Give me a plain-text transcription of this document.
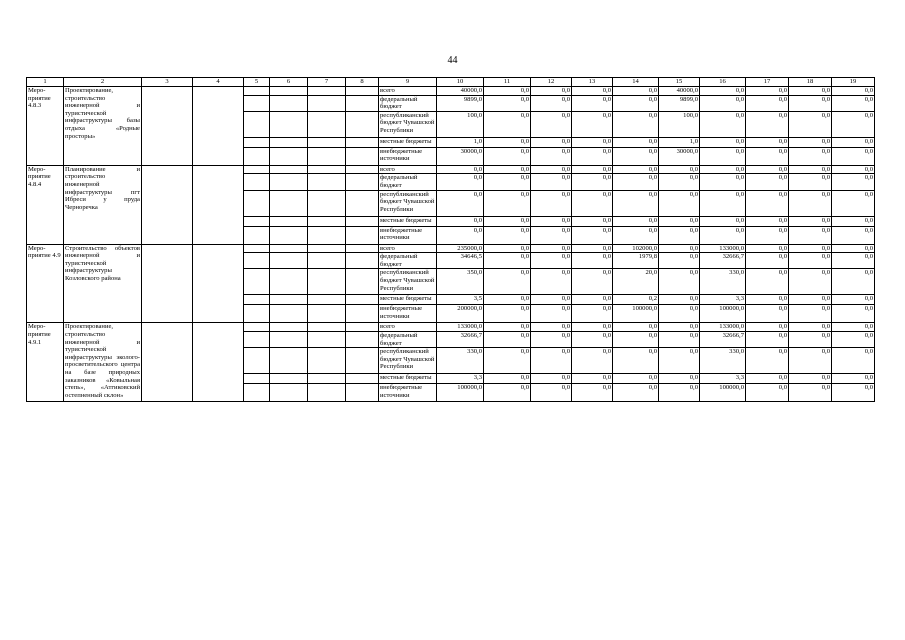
44
1	2	3	4	5	6	7	8	9	10	11	12	13	14	15	16	17	18	19
Меро-приятие 4.8.3	Проектирование, строительство инженерной и туристической инфраструктуры базы отдыха «Родные просторы»							всего	40000,0	0,0	0,0	0,0	0,0	40000,0	0,0	0,0	0,0	0,0
								федеральный бюджет	9899,0	0,0	0,0	0,0	0,0	9899,0	0,0	0,0	0,0	0,0
								республиканский бюджет Чувашской Республики	100,0	0,0	0,0	0,0	0,0	100,0	0,0	0,0	0,0	0,0
								местные бюджеты	1,0	0,0	0,0	0,0	0,0	1,0	0,0	0,0	0,0	0,0
								внебюджетные источники	30000,0	0,0	0,0	0,0	0,0	30000,0	0,0	0,0	0,0	0,0
Меро-приятие 4.8.4	Планирование и строительство инженерной инфраструктуры пгт Ибреси у пруда Черноречка							всего	0,0	0,0	0,0	0,0	0,0	0,0	0,0	0,0	0,0	0,0
								федеральный бюджет	0,0	0,0	0,0	0,0	0,0	0,0	0,0	0,0	0,0	0,0
								республиканский бюджет Чувашской Республики	0,0	0,0	0,0	0,0	0,0	0,0	0,0	0,0	0,0	0,0
								местные бюджеты	0,0	0,0	0,0	0,0	0,0	0,0	0,0	0,0	0,0	0,0
								внебюджетные источники	0,0	0,0	0,0	0,0	0,0	0,0	0,0	0,0	0,0	0,0
Меро-приятие 4.9	Строительство объектов инженерной и туристической инфраструктуры Козловского района							всего	235000,0	0,0	0,0	0,0	102000,0	0,0	133000,0	0,0	0,0	0,0
								федеральный бюджет	34646,5	0,0	0,0	0,0	1979,8	0,0	32666,7	0,0	0,0	0,0
								республиканский бюджет Чувашской Республики	350,0	0,0	0,0	0,0	20,0	0,0	330,0	0,0	0,0	0,0
								местные бюджеты	3,5	0,0	0,0	0,0	0,2	0,0	3,3	0,0	0,0	0,0
								внебюджетные источники	200000,0	0,0	0,0	0,0	100000,0	0,0	100000,0	0,0	0,0	0,0
Меро-приятие 4.9.1	Проектирование, строительство инженерной и туристической инфраструктуры эколого-просветительского центра на базе природных заказников «Ковыльная степь», «Атгиковский остепненный склон»							всего	133000,0	0,0	0,0	0,0	0,0	0,0	133000,0	0,0	0,0	0,0
								федеральный бюджет	32666,7	0,0	0,0	0,0	0,0	0,0	32666,7	0,0	0,0	0,0
								республиканский бюджет Чувашской Республики	330,0	0,0	0,0	0,0	0,0	0,0	330,0	0,0	0,0	0,0
								местные бюджеты	3,3	0,0	0,0	0,0	0,0	0,0	3,3	0,0	0,0	0,0
								внебюджетные источники	100000,0	0,0	0,0	0,0	0,0	0,0	100000,0	0,0	0,0	0,0
